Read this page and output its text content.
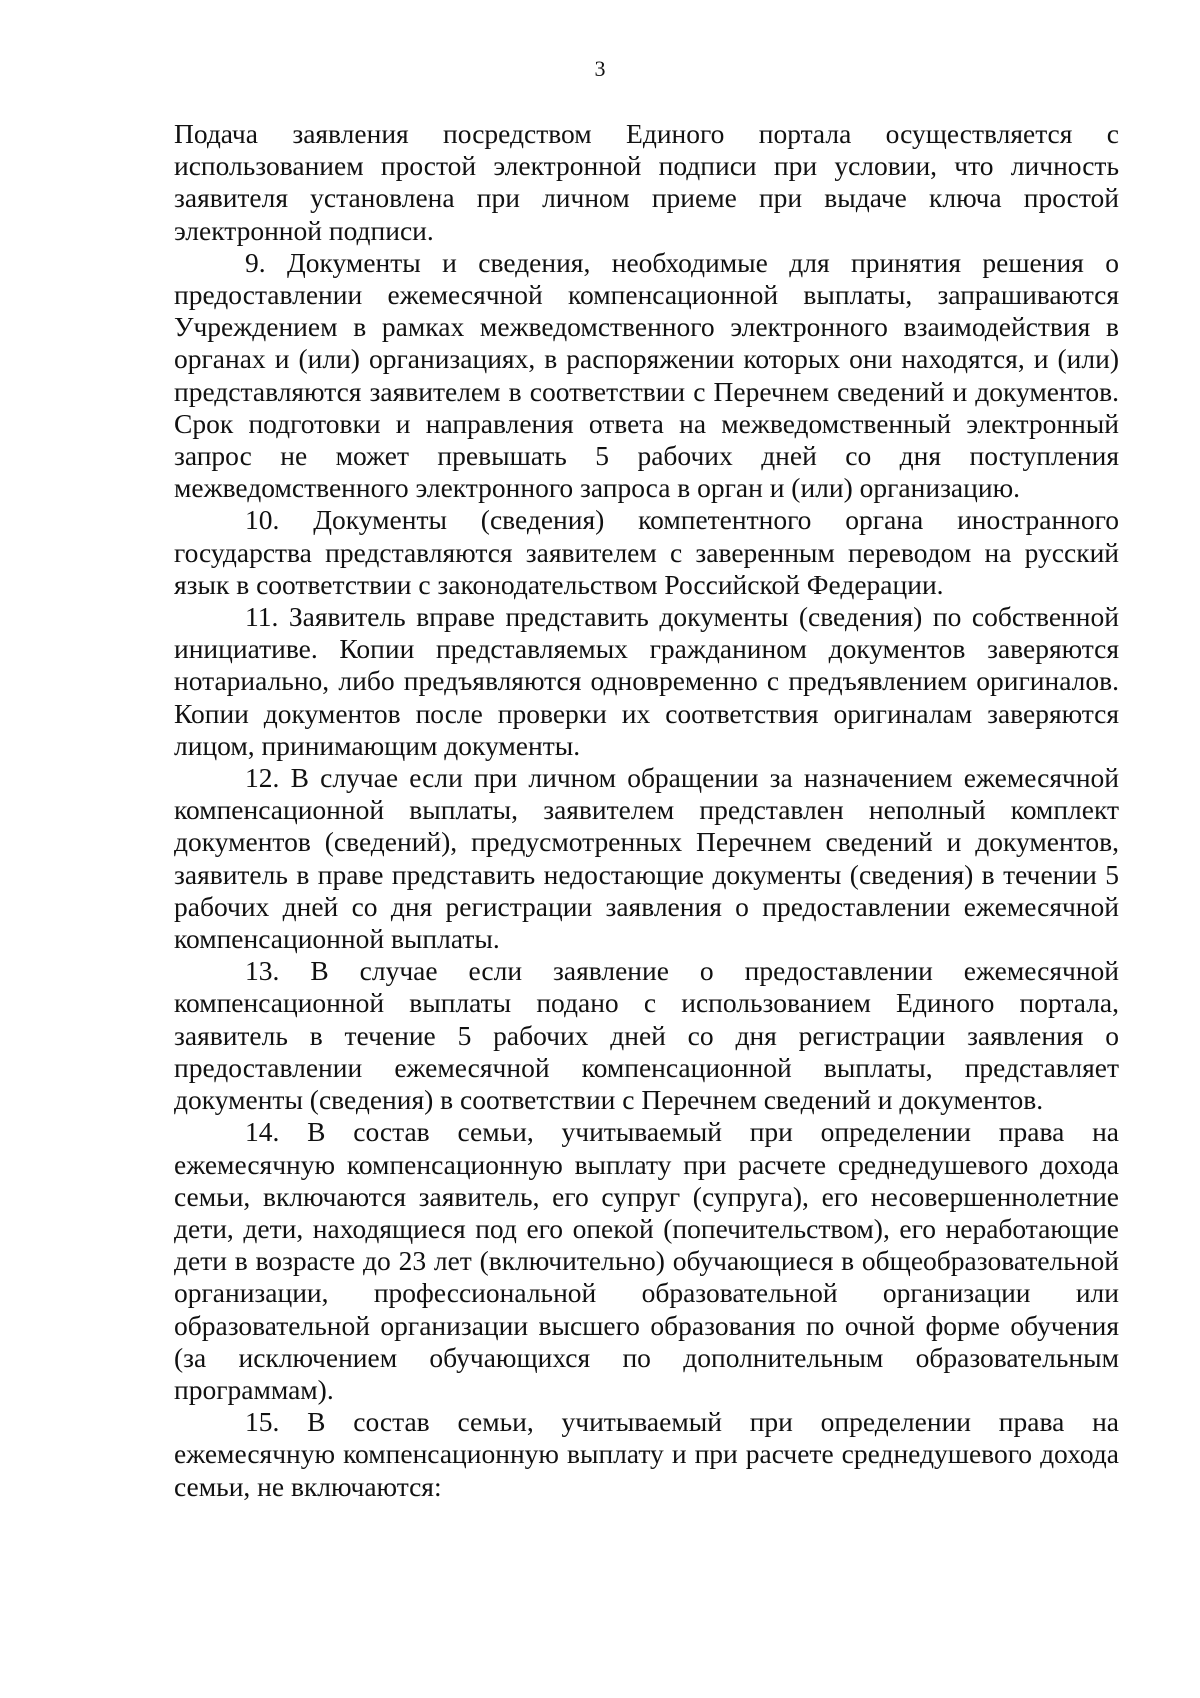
3

Подача заявления посредством Единого портала осуществляется с использованием простой электронной подписи при условии, что личность заявителя установлена при личном приеме при выдаче ключа простой электронной подписи.

9. Документы и сведения, необходимые для принятия решения о предоставлении ежемесячной компенсационной выплаты, запрашиваются Учреждением в рамках межведомственного электронного взаимодействия в органах и (или) организациях, в распоряжении которых они находятся, и (или) представляются заявителем в соответствии с Перечнем сведений и документов. Срок подготовки и направления ответа на межведомственный электронный запрос не может превышать 5 рабочих дней со дня поступления межведомственного электронного запроса в орган и (или) организацию.

10. Документы (сведения) компетентного органа иностранного государства представляются заявителем с заверенным переводом на русский язык в соответствии с законодательством Российской Федерации.

11. Заявитель вправе представить документы (сведения) по собственной инициативе. Копии представляемых гражданином документов заверяются нотариально, либо предъявляются одновременно с предъявлением оригиналов. Копии документов после проверки их соответствия оригиналам заверяются лицом, принимающим документы.

12. В случае если при личном обращении за назначением ежемесячной компенсационной выплаты, заявителем представлен неполный комплект документов (сведений), предусмотренных Перечнем сведений и документов, заявитель в праве представить недостающие документы (сведения) в течении 5 рабочих дней со дня регистрации заявления о предоставлении ежемесячной компенсационной выплаты.

13. В случае если заявление о предоставлении ежемесячной компенсационной выплаты подано с использованием Единого портала, заявитель в течение 5 рабочих дней со дня регистрации заявления о предоставлении ежемесячной компенсационной выплаты, представляет документы (сведения) в соответствии с Перечнем сведений и документов.

14. В состав семьи, учитываемый при определении права на ежемесячную компенсационную выплату при расчете среднедушевого дохода семьи, включаются заявитель, его супруг (супруга), его несовершеннолетние дети, дети, находящиеся под его опекой (попечительством), его неработающие дети в возрасте до 23 лет (включительно) обучающиеся в общеобразовательной организации, профессиональной образовательной организации или образовательной организации высшего образования по очной форме обучения (за исключением обучающихся по дополнительным образовательным программам).

15. В состав семьи, учитываемый при определении права на ежемесячную компенсационную выплату и при расчете среднедушевого дохода семьи, не включаются:
